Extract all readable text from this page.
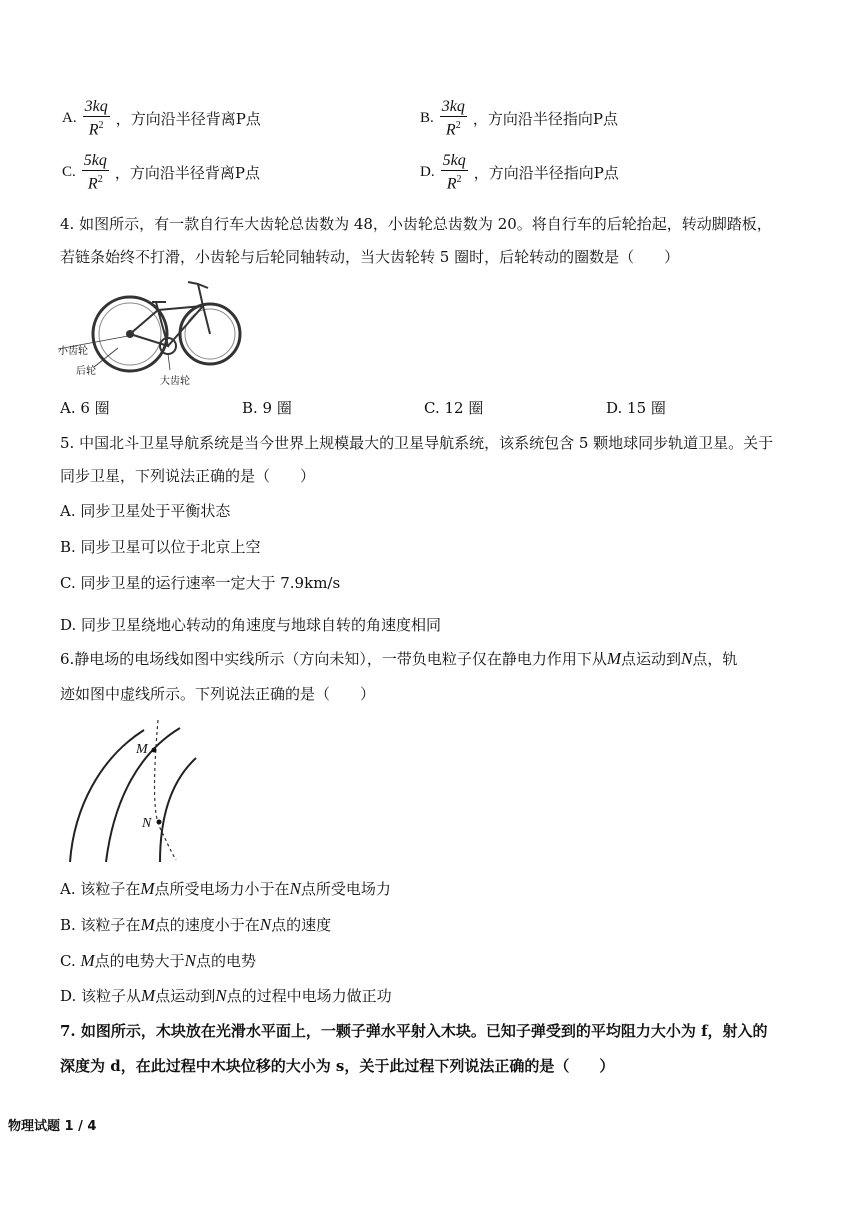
A. $\frac{3kq}{R^2}$ ，方向沿半径背离P点	B. $\frac{3kq}{R^2}$ ，方向沿半径指向P点
C. $\frac{5kq}{R^2}$ ，方向沿半径背离P点	D. $\frac{5kq}{R^2}$ ，方向沿半径指向P点
4. 如图所示，有一款自行车大齿轮总齿数为 48，小齿轮总齿数为 20。将自行车的后轮抬起，转动脚踏板，
若链条始终不打滑，小齿轮与后轮同轴转动，当大齿轮转 5 圈时，后轮转动的圈数是（　　）
小齿轮
后轮
大齿轮
A. 6 圈	B. 9 圈	C. 12 圈	D. 15 圈
5. 中国北斗卫星导航系统是当今世界上规模最大的卫星导航系统，该系统包含 5 颗地球同步轨道卫星。关于
同步卫星，下列说法正确的是（　　）
A. 同步卫星处于平衡状态
B. 同步卫星可以位于北京上空
C. 同步卫星的运行速率一定大于 7.9km/s
D. 同步卫星绕地心转动的角速度与地球自转的角速度相同
6.静电场的电场线如图中实线所示（方向未知），一带负电粒子仅在静电力作用下从M点运动到N点，轨
迹如图中虚线所示。下列说法正确的是（　　）
M
N
A. 该粒子在M点所受电场力小于在N点所受电场力
B. 该粒子在M点的速度小于在N点的速度
C. M点的电势大于N点的电势
D. 该粒子从M点运动到N点的过程中电场力做正功
7. 如图所示，木块放在光滑水平面上，一颗子弹水平射入木块。已知子弹受到的平均阻力大小为 f，射入的
深度为 d，在此过程中木块位移的大小为 s，关于此过程下列说法正确的是（　　）
物理试题 1 / 4
